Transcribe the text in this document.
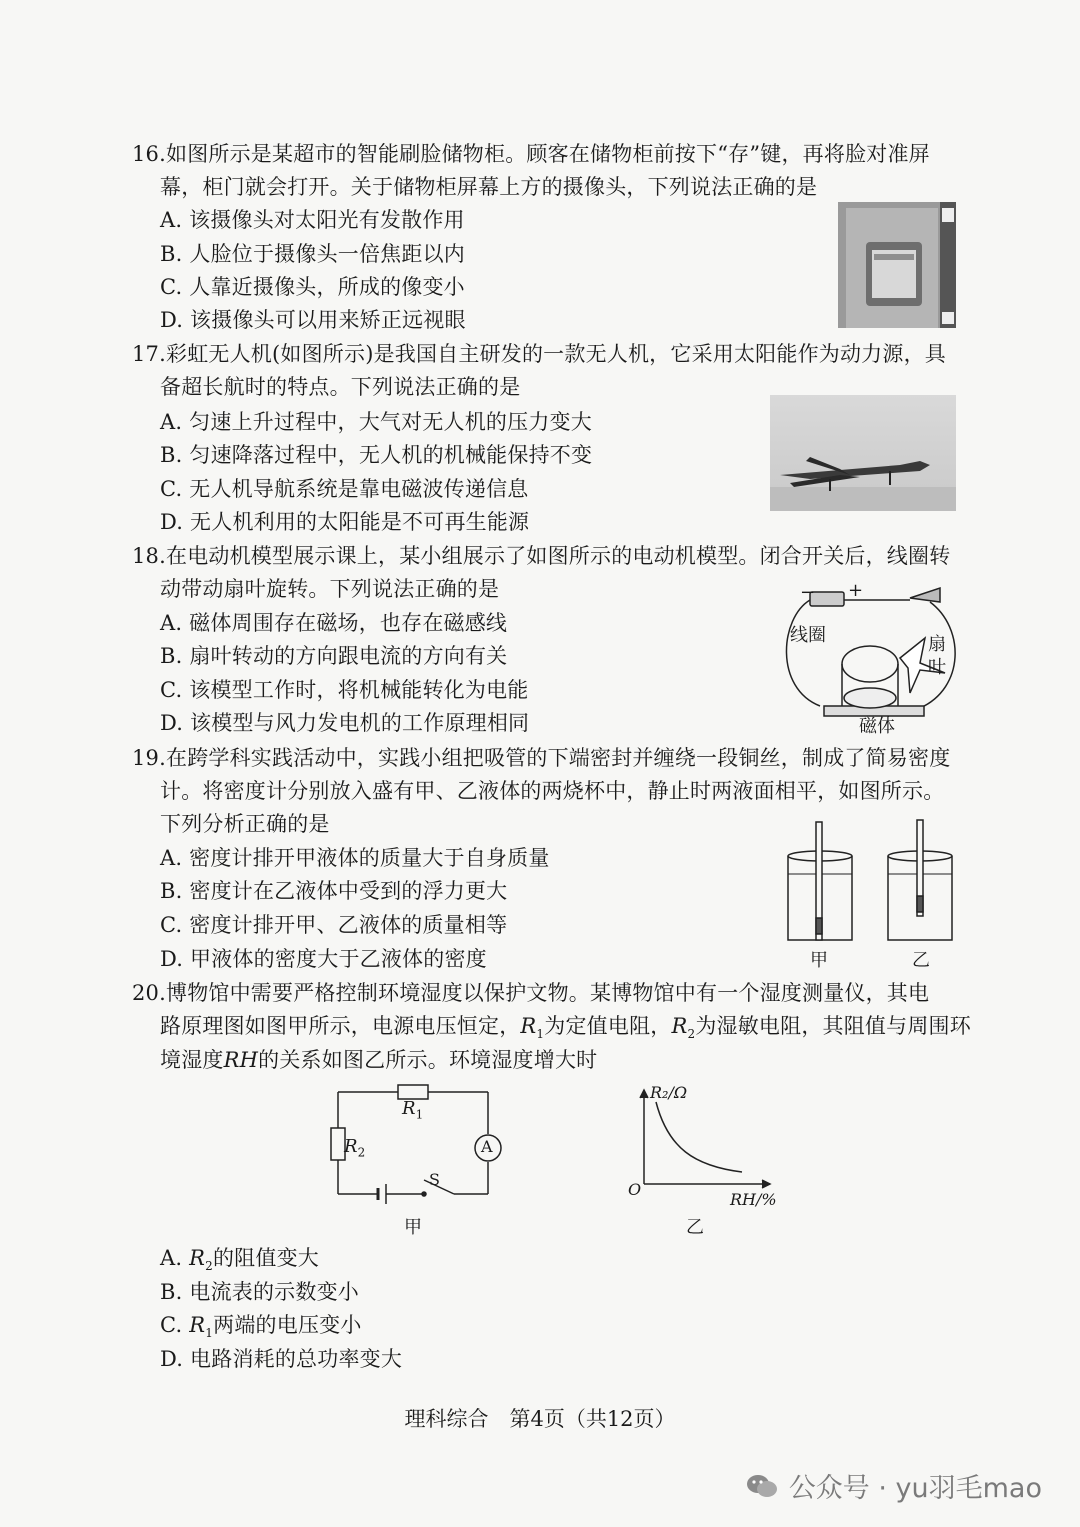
16.如图所示是某超市的智能刷脸储物柜。顾客在储物柜前按下“存”键，再将脸对准屏
幕，柜门就会打开。关于储物柜屏幕上方的摄像头，下列说法正确的是
A. 该摄像头对太阳光有发散作用
B. 人脸位于摄像头一倍焦距以内
C. 人靠近摄像头，所成的像变小
D. 该摄像头可以用来矫正远视眼
17.彩虹无人机(如图所示)是我国自主研发的一款无人机，它采用太阳能作为动力源，具
备超长航时的特点。下列说法正确的是
A. 匀速上升过程中，大气对无人机的压力变大
B. 匀速降落过程中，无人机的机械能保持不变
C. 无人机导航系统是靠电磁波传递信息
D. 无人机利用的太阳能是不可再生能源
18.在电动机模型展示课上，某小组展示了如图所示的电动机模型。闭合开关后，线圈转
动带动扇叶旋转。下列说法正确的是
A. 磁体周围存在磁场，也存在磁感线
B. 扇叶转动的方向跟电流的方向有关
C. 该模型工作时，将机械能转化为电能
D. 该模型与风力发电机的工作原理相同
− +
线圈	扇
叶
磁体
19.在跨学科实践活动中，实践小组把吸管的下端密封并缠绕一段铜丝，制成了简易密度
计。将密度计分别放入盛有甲、乙液体的两烧杯中，静止时两液面相平，如图所示。
下列分析正确的是
A. 密度计排开甲液体的质量大于自身质量
B. 密度计在乙液体中受到的浮力更大
C. 密度计排开甲、乙液体的质量相等
D. 甲液体的密度大于乙液体的密度	甲	乙
20.博物馆中需要严格控制环境湿度以保护文物。某博物馆中有一个湿度测量仪，其电
路原理图如图甲所示，电源电压恒定，$R_1$为定值电阻，$R_2$为湿敏电阻，其阻值与周围环
境湿度RH的关系如图乙所示。环境湿度增大时
$R_1$
$R_2$	A
S
甲
R₂/Ω
O
RH/%
乙
A. $R_2$的阻值变大
B. 电流表的示数变小
C. $R_1$两端的电压变小
D. 电路消耗的总功率变大
理科综合　第4页（共12页）
公众号 · yu羽毛mao
